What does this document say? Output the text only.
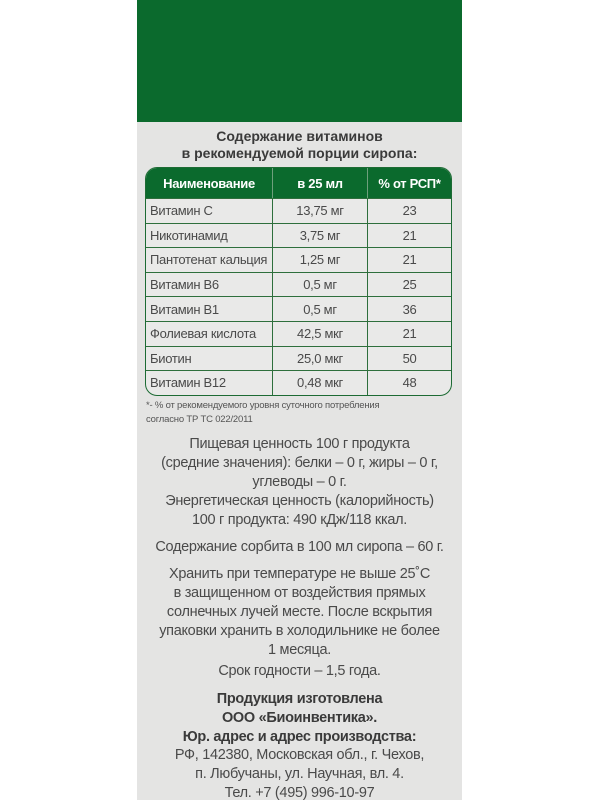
Содержание витаминов
в рекомендуемой порции сиропа:
Наименование	в 25 мл	% от РСП*
Витамин С	13,75 мг	23
Никотинамид	3,75 мг	21
Пантотенат кальция	1,25 мг	21
Витамин В6	0,5 мг	25
Витамин В1	0,5 мг	36
Фолиевая кислота	42,5 мкг	21
Биотин	25,0 мкг	50
Витамин В12	0,48 мкг	48
*- % от рекомендуемого уровня суточного потребления
согласно ТР ТС 022/2011
Пищевая ценность 100 г продукта
(средние значения): белки – 0 г, жиры – 0 г,
углеводы – 0 г.
Энергетическая ценность (калорийность)
100 г продукта: 490 кДж/118 ккал.
Содержание сорбита в 100 мл сиропа – 60 г.
Хранить при температуре не выше 25˚С
в защищенном от воздействия прямых
солнечных лучей месте. После вскрытия
упаковки хранить в холодильнике не более
1 месяца.
Срок годности – 1,5 года.
Продукция изготовлена
ООО «Биоинвентика».
Юр. адрес и адрес производства:
РФ, 142380, Московская обл., г. Чехов,
п. Любучаны, ул. Научная, вл. 4.
Тел. +7 (495) 996-10-97
